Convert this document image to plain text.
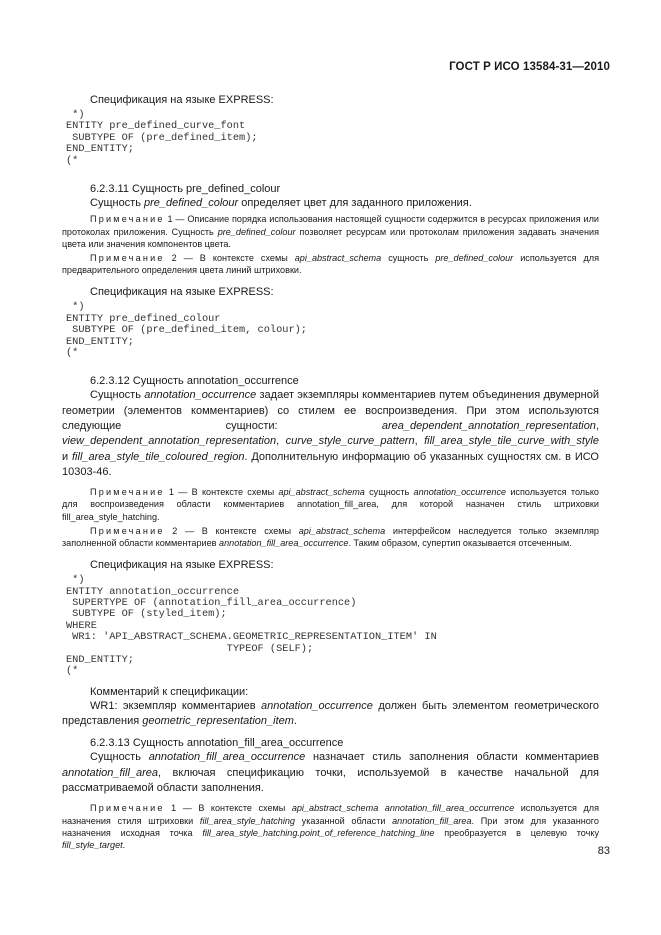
ГОСТ Р ИСО 13584-31—2010
Спецификация на языке EXPRESS:
*)
ENTITY pre_defined_curve_font
SUBTYPE OF (pre_defined_item);
END_ENTITY;
(*
6.2.3.11 Сущность pre_defined_colour

Сущность pre_defined_colour определяет цвет для заданного приложения.

Примечание 1 — Описание порядка использования настоящей сущности содержится в ресурсах приложения или протоколах приложения. Сущность pre_defined_colour позволяет ресурсам или протоколам приложения задавать значения цвета или значения компонентов цвета.

Примечание 2 — В контексте схемы api_abstract_schema сущность pre_defined_colour используется для предварительного определения цвета линий штриховки.

Спецификация на языке EXPRESS:
*)
ENTITY pre_defined_colour
SUBTYPE OF (pre_defined_item, colour);
END_ENTITY;
(*
6.2.3.12 Сущность annotation_occurrence

Сущность annotation_occurrence задает экземпляры комментариев путем объединения двумерной геометрии (элементов комментариев) со стилем ее воспроизведения. При этом используются следующие сущности: area_dependent_annotation_representation, view_dependent_annotation_representation, curve_style_curve_pattern, fill_area_style_tile_curve_with_style и fill_area_style_tile_coloured_region. Дополнительную информацию об указанных сущностях см. в ИСО 10303-46.

Примечание 1 — В контексте схемы api_abstract_schema сущность annotation_occurrence используется только для воспроизведения области комментариев annotation_fill_area, для которой назначен стиль штриховки fill_area_style_hatching.

Примечание 2 — В контексте схемы api_abstract_schema интерфейсом наследуется только экземпляр заполненной области комментариев annotation_fill_area_occurrence. Таким образом, супертип оказывается отсеченным.

Спецификация на языке EXPRESS:
*)
ENTITY annotation_occurrence
SUPERTYPE OF (annotation_fill_area_occurrence)
SUBTYPE OF (styled_item);
WHERE
WR1: 'API_ABSTRACT_SCHEMA.GEOMETRIC_REPRESENTATION_ITEM' IN
TYPEOF (SELF);
END_ENTITY;
(*
Комментарий к спецификации:

WR1: экземпляр комментариев annotation_occurrence должен быть элементом геометрического представления geometric_representation_item.

6.2.3.13 Сущность annotation_fill_area_occurrence

Сущность annotation_fill_area_occurrence назначает стиль заполнения области комментариев annotation_fill_area, включая спецификацию точки, используемой в качестве начальной для рассматриваемой области заполнения.

Примечание 1 — В контексте схемы api_abstract_schema annotation_fill_area_occurrence используется для назначения стиля штриховки fill_area_style_hatching указанной области annotation_fill_area. При этом для указанного назначения исходная точка fill_area_style_hatching.point_of_reference_hatching_line преобразуется в целевую точку fill_style_target.

83
